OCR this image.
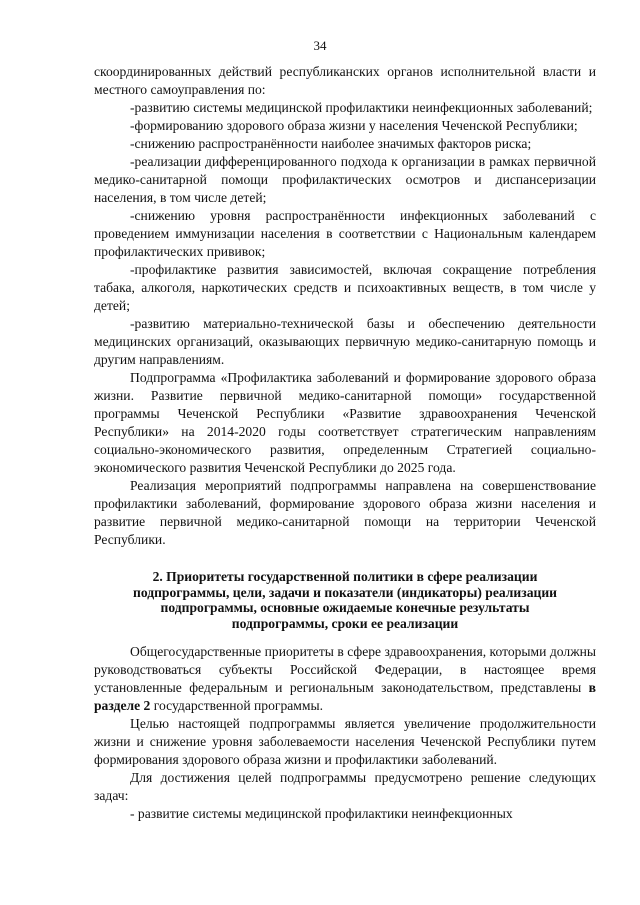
34

скоординированных действий республиканских органов исполнительной власти и местного самоуправления по:

-развитию системы медицинской профилактики неинфекционных заболеваний;

-формированию здорового образа жизни у населения Чеченской Республики;

-снижению распространённости наиболее значимых факторов риска;

-реализации дифференцированного подхода к организации в рамках первичной медико-санитарной помощи профилактических осмотров и диспансеризации населения, в том числе детей;

-снижению уровня распространённости инфекционных заболеваний с проведением иммунизации населения в соответствии с Национальным календарем профилактических прививок;

-профилактике развития зависимостей, включая сокращение потребления табака, алкоголя, наркотических средств и психоактивных веществ, в том числе у детей;

-развитию материально-технической базы и обеспечению деятельности медицинских организаций, оказывающих первичную медико-санитарную помощь и другим направлениям.

Подпрограмма «Профилактика заболеваний и формирование здорового образа жизни. Развитие первичной медико-санитарной помощи» государственной программы Чеченской Республики «Развитие здравоохранения Чеченской Республики» на 2014-2020 годы соответствует стратегическим направлениям социально-экономического развития, определенным Стратегией социально-экономического развития Чеченской Республики до 2025 года.

Реализация мероприятий подпрограммы направлена на совершенствование профилактики заболеваний, формирование здорового образа жизни населения и развитие первичной медико-санитарной помощи на территории Чеченской Республики.

2. Приоритеты государственной политики в сфере реализации
подпрограммы, цели, задачи и показатели (индикаторы) реализации
подпрограммы, основные ожидаемые конечные результаты
подпрограммы, сроки ее реализации

Общегосударственные приоритеты в сфере здравоохранения, которыми должны руководствоваться субъекты Российской Федерации, в настоящее время установленные федеральным и региональным законодательством, представлены в разделе 2 государственной программы.

Целью настоящей подпрограммы является увеличение продолжительности жизни и снижение уровня заболеваемости населения Чеченской Республики путем формирования здорового образа жизни и профилактики заболеваний.

Для достижения целей подпрограммы предусмотрено решение следующих задач:

- развитие системы медицинской профилактики неинфекционных
